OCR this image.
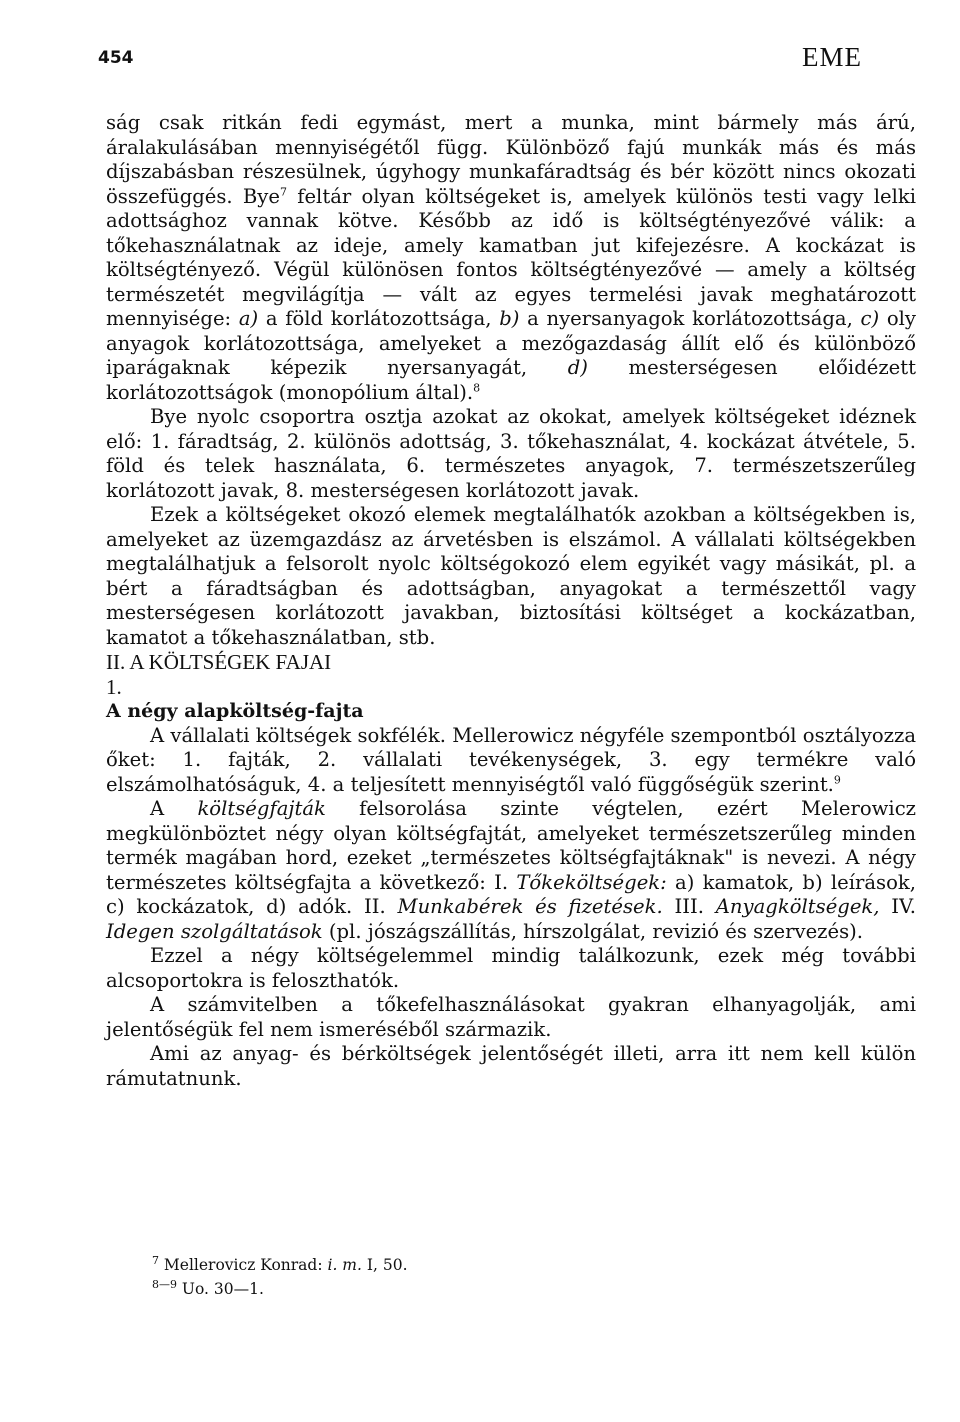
454	EME

ság csak ritkán fedi egymást, mert a munka, mint bármely más árú, áralakulásában mennyiségétől függ. Különböző fajú munkák más és más díjszabásban részesülnek, úgyhogy munkafáradtság és bér között nincs okozati összefüggés. Bye$^7$ feltár olyan költségeket is, amelyek különös testi vagy lelki adottsághoz vannak kötve. Később az idő is költségtényezővé válik: a tőkehasználatnak az ideje, amely kamatban jut kifejezésre. A kockázat is költségtényező. Végül különösen fontos költségtényezővé — amely a költség természetét megvilágítja — vált az egyes termelési javak meghatározott mennyisége: a) a föld korlátozottsága, b) a nyersanyagok korlátozottsága, c) oly anyagok korlátozottsága, amelyeket a mezőgazdaság állít elő és különböző iparágaknak képezik nyersanyagát, d) mesterségesen előidézett korlátozottságok (monopólium által).$^8$

Bye nyolc csoportra osztja azokat az okokat, amelyek költségeket idéznek elő: 1. fáradtság, 2. különös adottság, 3. tőkehasználat, 4. kockázat átvétele, 5. föld és telek használata, 6. természetes anyagok, 7. természetszerűleg korlátozott javak, 8. mesterségesen korlátozott javak.

Ezek a költségeket okozó elemek megtalálhatók azokban a költségekben is, amelyeket az üzemgazdász az árvetésben is elszámol. A vállalati költségekben megtalálhatjuk a felsorolt nyolc költségokozó elem egyikét vagy másikát, pl. a bért a fáradtságban és adottságban, anyagokat a természettől vagy mesterségesen korlátozott javakban, biztosítási költséget a kockázatban, kamatot a tőkehasználatban, stb.

II. A KÖLTSÉGEK FAJAI

1.

A négy alapköltség-fajta

A vállalati költségek sokfélék. Mellerowicz négyféle szempontból osztályozza őket: 1. fajták, 2. vállalati tevékenységek, 3. egy termékre való elszámolhatóságuk, 4. a teljesített mennyiségtől való függőségük szerint.$^9$

A költségfajták felsorolása szinte végtelen, ezért Melerowicz megkülönböztet négy olyan költségfajtát, amelyeket természetszerűleg minden termék magában hord, ezeket „természetes költségfajtáknak" is nevezi. A négy természetes költségfajta a következő: I. Tőkeköltségek: a) kamatok, b) leírások, c) kockázatok, d) adók. II. Munkabérek és fizetések. III. Anyagköltségek, IV. Idegen szolgáltatások (pl. jószágszállítás, hírszolgálat, revizió és szervezés).

Ezzel a négy költségelemmel mindig találkozunk, ezek még további alcsoportokra is feloszthatók.

A számvitelben a tőkefelhasználásokat gyakran elhanyagolják, ami jelentőségük fel nem ismeréséből származik.

Ami az anyag- és bérköltségek jelentőségét illeti, arra itt nem kell külön rámutatnunk.

$^7$ Mellerovicz Konrad: i. m. I, 50.
$^{8—9}$ Uo. 30—1.
